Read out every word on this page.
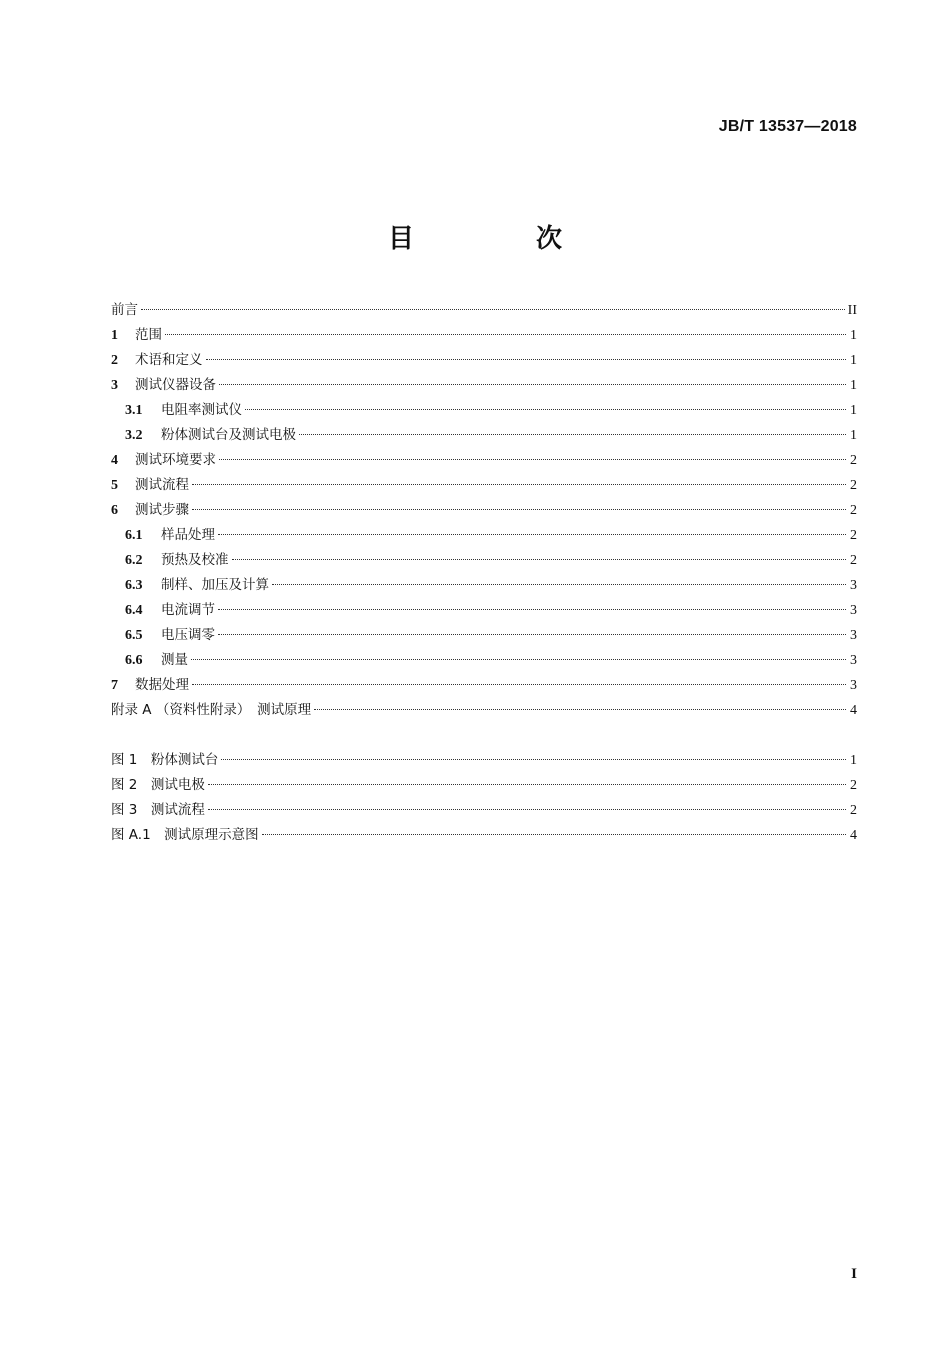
JB/T 13537—2018
目　次
前言	II
1	范围	1
2	术语和定义	1
3	测试仪器设备	1
3.1	电阻率测试仪	1
3.2	粉体测试台及测试电极	1
4	测试环境要求	2
5	测试流程	2
6	测试步骤	2
6.1	样品处理	2
6.2	预热及校准	2
6.3	制样、加压及计算	3
6.4	电流调节	3
6.5	电压调零	3
6.6	测量	3
7	数据处理	3
附录 A （资料性附录）　测试原理	4
图 1　粉体测试台	1
图 2　测试电极	2
图 3　测试流程	2
图 A.1　测试原理示意图	4
I
